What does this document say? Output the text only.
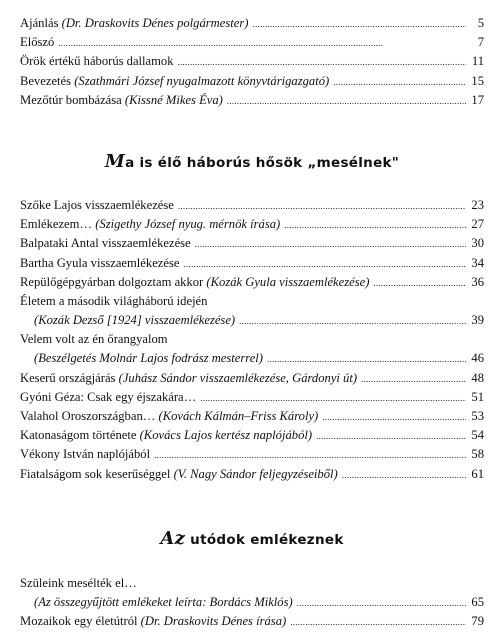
Ajánlás (Dr. Draskovits Dénes polgármester) . . .	5
Előszó . . .	7
Örök értékű háborús dallamok . . .	11
Bevezetés (Szathmári József nyugalmazott könyvtárigazgató) . . .	15
Mezőtúr bombázása (Kissné Mikes Éva) . . .	17
Ma is élő háborús hősök „mesélnek"
Szőke Lajos visszaemlékezése . . .	23
Emlékezem… (Szigethy József nyug. mérnök írása) . . .	27
Balpataki Antal visszaemlékezése . . .	30
Bartha Gyula visszaemlékezése . . .	34
Repülőgépgyárban dolgoztam akkor (Kozák Gyula visszaemlékezése) . . .	36
Életem a második világháború idején
(Kozák Dezső [1924] visszaemlékezése) . . .	39
Velem volt az én őrangyalom
(Beszélgetés Molnár Lajos fodrász mesterrel) . . .	46
Keserű országjárás (Juhász Sándor visszaemlékezése, Gárdonyi út) . . .	48
Gyóni Géza: Csak egy éjszakára… . . .	51
Valahol Oroszországban… (Kovách Kálmán–Friss Károly) . . .	53
Katonaságom története (Kovács Lajos kertész naplójából) . . .	54
Vékony István naplójából . . .	58
Fiatalságom sok keserűséggel (V. Nagy Sándor feljegyzéseiből) . . .	61
Az utódok emlékeznek
Szüleink mesélték el…
(Az összegyűjtött emlékeket leírta: Bordács Miklós) . . .	65
Mozaikok egy életútról (Dr. Draskovits Dénes írása) . . .	79
